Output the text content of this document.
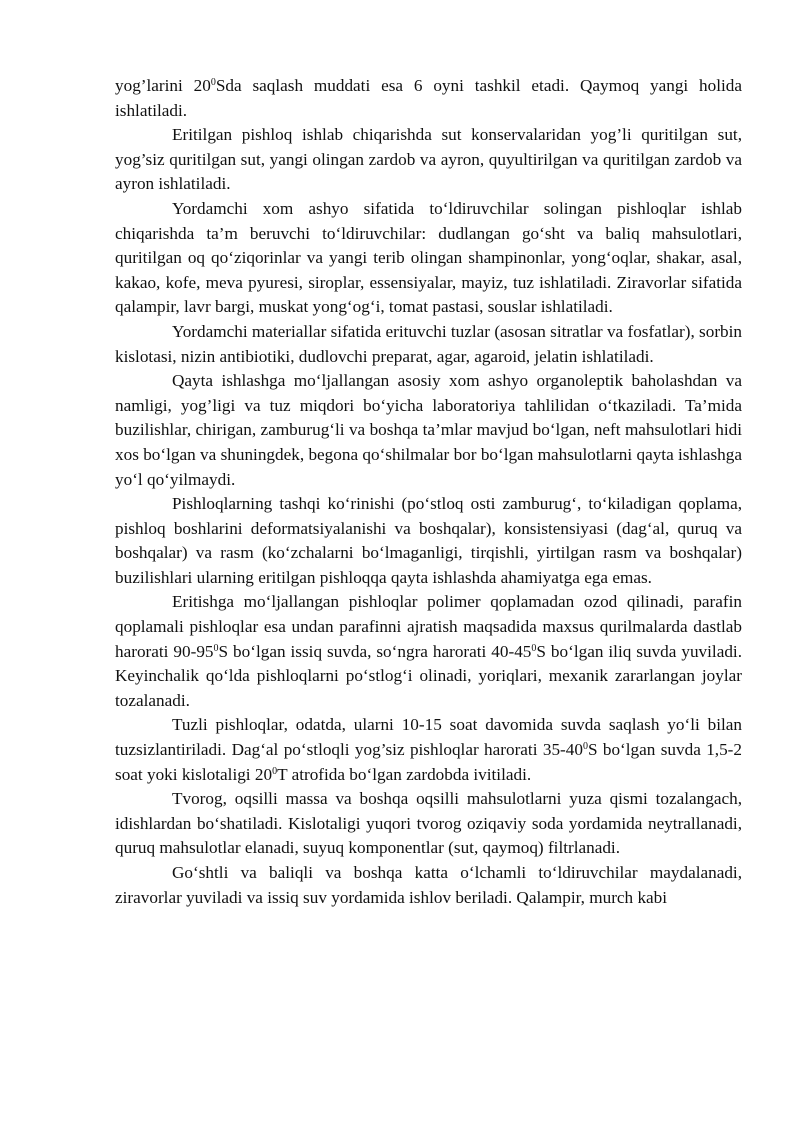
yog’larini $20^0Sda$ saqlash muddati esa 6 oyni tashkil etadi. Qaymoq yangi holida ishlatiladi.

Eritilgan pishloq ishlab chiqarishda sut konservalaridan yog’li quritilgan sut, yog’siz quritilgan sut, yangi olingan zardob va ayron, quyultirilgan va quritilgan zardob va ayron ishlatiladi.

Yordamchi xom ashyo sifatida to‘ldiruvchilar solingan pishloqlar ishlab chiqarishda ta’m beruvchi to‘ldiruvchilar: dudlangan go‘sht va baliq mahsulotlari, quritilgan oq qo‘ziqorinlar va yangi terib olingan shampinonlar, yong‘oqlar, shakar, asal, kakao, kofe, meva pyuresi, siroplar, essensiyalar, mayiz, tuz ishlatiladi. Ziravorlar sifatida qalampir, lavr bargi, muskat yong‘og‘i, tomat pastasi, souslar ishlatiladi.

Yordamchi materiallar sifatida erituvchi tuzlar (asosan sitratlar va fosfatlar), sorbin kislotasi, nizin antibiotiki, dudlovchi preparat, agar, agaroid, jelatin ishlatiladi.

Qayta ishlashga mo‘ljallangan asosiy xom ashyo organoleptik baholashdan va namligi, yog’ligi va tuz miqdori bo‘yicha laboratoriya tahlilidan o‘tkaziladi. Ta’mida buzilishlar, chirigan, zamburug‘li va boshqa ta’mlar mavjud bo‘lgan, neft mahsulotlari hidi xos bo‘lgan va shuningdek, begona qo‘shilmalar bor bo‘lgan mahsulotlarni qayta ishlashga yo‘l qo‘yilmaydi.

Pishloqlarning tashqi ko‘rinishi (po‘stloq osti zamburug‘, to‘kiladigan qoplama, pishloq boshlarini deformatsiyalanishi va boshqalar), konsistensiyasi (dag‘al, quruq va boshqalar) va rasm (ko‘zchalarni bo‘lmaganligi, tirqishli, yirtilgan rasm va boshqalar) buzilishlari ularning eritilgan pishloqqa qayta ishlashda ahamiyatga ega emas.

Eritishga mo‘ljallangan pishloqlar polimer qoplamadan ozod qilinadi, parafin qoplamali pishloqlar esa undan parafinni ajratish maqsadida maxsus qurilmalarda dastlab harorati $90-95^0S$ bo‘lgan issiq suvda, so‘ngra harorati $40-45^0S$ bo‘lgan iliq suvda yuviladi. Keyinchalik qo‘lda pishloqlarni po‘stlog‘i olinadi, yoriqlari, mexanik zararlangan joylar tozalanadi.

Tuzli pishloqlar, odatda, ularni 10-15 soat davomida suvda saqlash yo‘li bilan tuzsizlantiriladi. Dag‘al po‘stloqli yog’siz pishloqlar harorati $35-40^0S$ bo‘lgan suvda 1,5-2 soat yoki kislotaligi $20^0T$ atrofida bo‘lgan zardobda ivitiladi.

Tvorog, oqsilli massa va boshqa oqsilli mahsulotlarni yuza qismi tozalangach, idishlardan bo‘shatiladi. Kislotaligi yuqori tvorog oziqaviy soda yordamida neytrallanadi, quruq mahsulotlar elanadi, suyuq komponentlar (sut, qaymoq) filtrlanadi.

Go‘shtli va baliqli va boshqa katta o‘lchamli to‘ldiruvchilar maydalanadi, ziravorlar yuviladi va issiq suv yordamida ishlov beriladi. Qalampir, murch kabi
